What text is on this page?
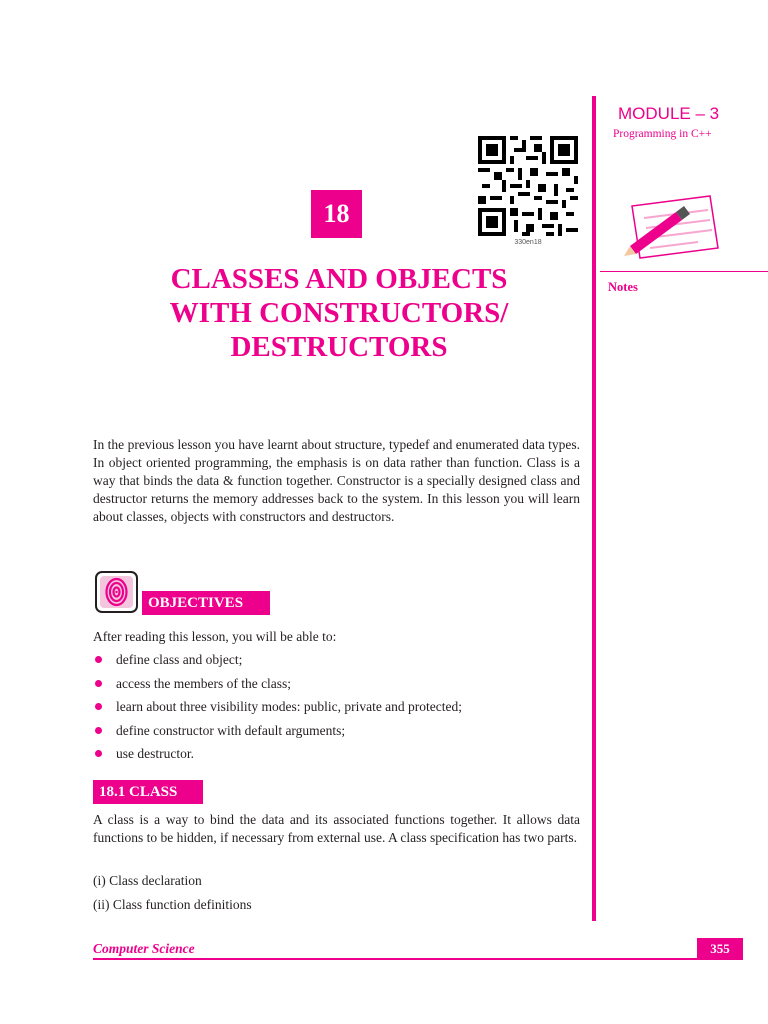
MODULE – 3
Programming in C++
Notes
330en18
18
CLASSES AND OBJECTS
WITH CONSTRUCTORS/
DESTRUCTORS
In the previous lesson you have learnt about structure, typedef and enumerated data types. In object oriented programming, the emphasis is on data rather than function. Class is a way that binds the data & function together. Constructor is a specially designed class and destructor returns the memory addresses back to the system. In this lesson you will learn about classes, objects with constructors and destructors.
OBJECTIVES
After reading this lesson, you will be able to:
define class and object;
access the members of the class;
learn about three visibility modes: public, private and protected;
define constructor with default arguments;
use destructor.
18.1 CLASS
A class is a way to bind the data and its associated functions together. It allows data functions to be hidden, if necessary from external use. A class specification has two parts.
(i) Class declaration
(ii) Class function definitions
Computer Science	355
